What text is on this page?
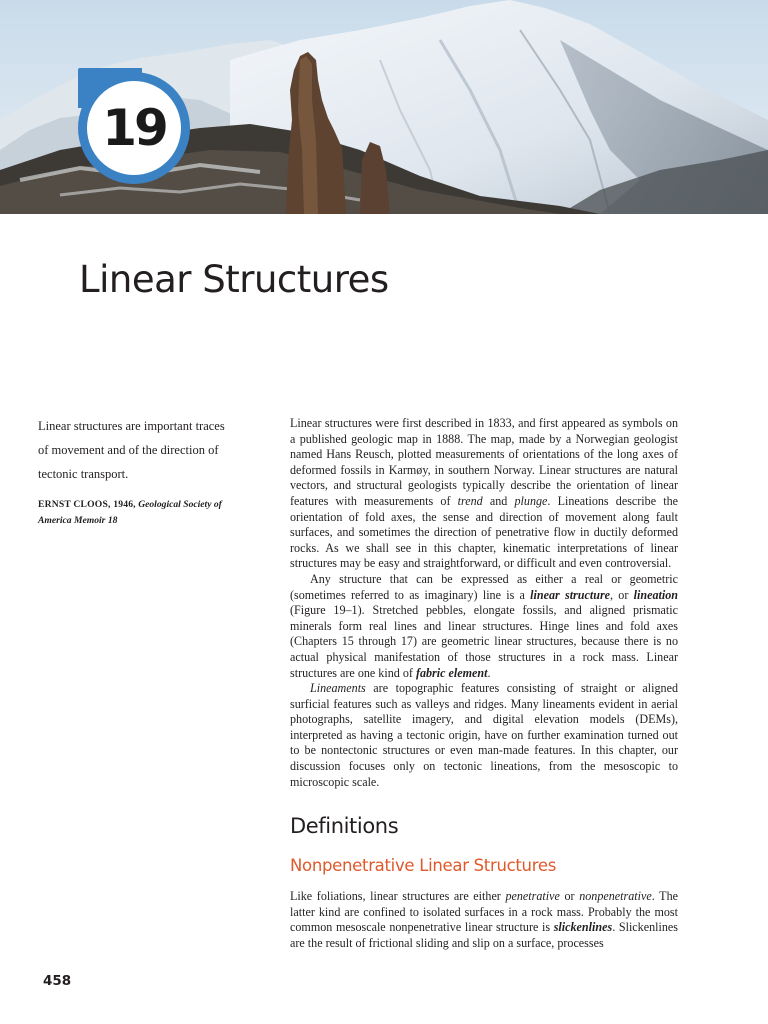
19
Linear Structures

Linear structures are important traces of movement and of the direction of tectonic transport.

ERNST CLOOS, 1946, Geological Society of America Memoir 18

Linear structures were first described in 1833, and first appeared as symbols on a published geologic map in 1888. The map, made by a Norwegian geologist named Hans Reusch, plotted measurements of orientations of the long axes of deformed fossils in Karmøy, in southern Norway. Linear structures are natural vectors, and structural geologists typically describe the orientation of linear features with measurements of trend and plunge. Lineations describe the orientation of fold axes, the sense and direction of movement along fault surfaces, and sometimes the direction of penetrative flow in ductily deformed rocks. As we shall see in this chapter, kinematic interpretations of linear structures may be easy and straightforward, or difficult and even controversial.

Any structure that can be expressed as either a real or geometric (sometimes referred to as imaginary) line is a linear structure, or lineation (Figure 19–1). Stretched pebbles, elongate fossils, and aligned prismatic minerals form real lines and linear structures. Hinge lines and fold axes (Chapters 15 through 17) are geometric linear structures, because there is no actual physical manifestation of those structures in a rock mass. Linear structures are one kind of fabric element.

Lineaments are topographic features consisting of straight or aligned surficial features such as valleys and ridges. Many lineaments evident in aerial photographs, satellite imagery, and digital elevation models (DEMs), interpreted as having a tectonic origin, have on further examination turned out to be nontectonic structures or even man-made features. In this chapter, our discussion focuses only on tectonic lineations, from the mesoscopic to microscopic scale.

Definitions
Nonpenetrative Linear Structures

Like foliations, linear structures are either penetrative or nonpenetrative. The latter kind are confined to isolated surfaces in a rock mass. Probably the most common mesoscale nonpenetrative linear structure is slickenlines. Slickenlines are the result of frictional sliding and slip on a surface, processes

458
